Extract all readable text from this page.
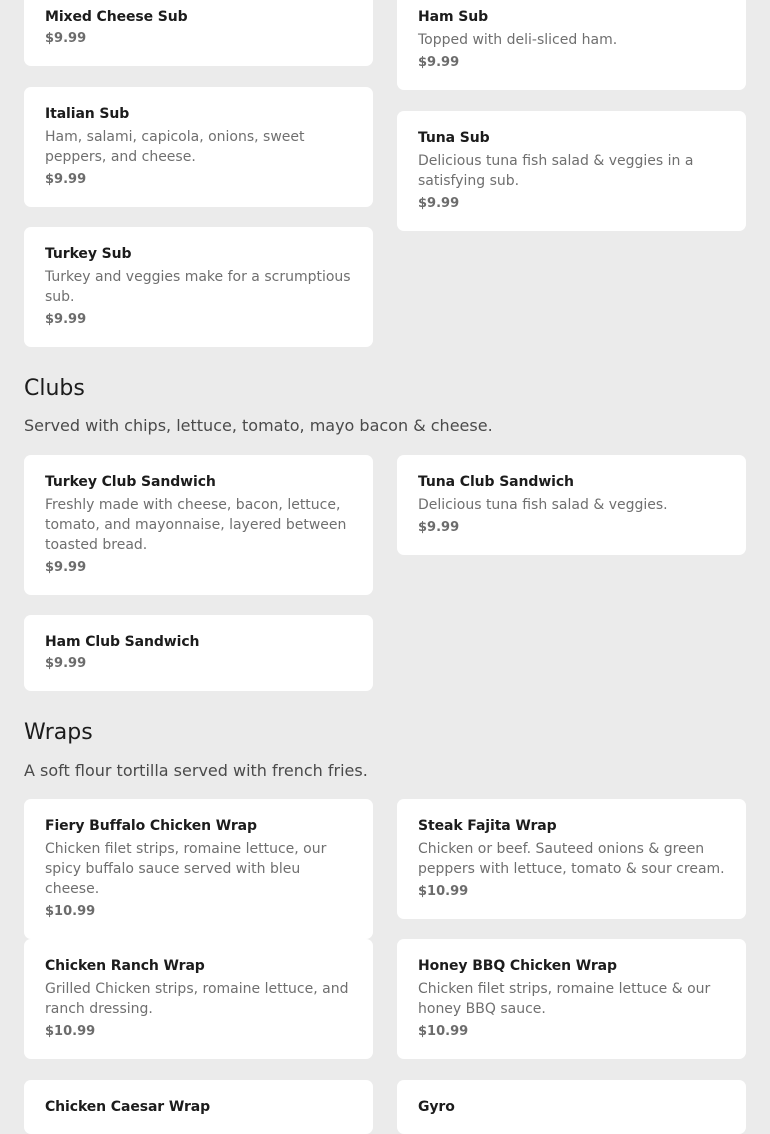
Mixed Cheese Sub
$9.99
Ham Sub
Topped with deli-sliced ham.
$9.99
Italian Sub
Ham, salami, capicola, onions, sweet peppers, and cheese.
$9.99
Tuna Sub
Delicious tuna fish salad & veggies in a satisfying sub.
$9.99
Turkey Sub
Turkey and veggies make for a scrumptious sub.
$9.99
Clubs

Served with chips, lettuce, tomato, mayo bacon & cheese.

Turkey Club Sandwich
Freshly made with cheese, bacon, lettuce, tomato, and mayonnaise, layered between toasted bread.
$9.99
Tuna Club Sandwich
Delicious tuna fish salad & veggies.
$9.99
Ham Club Sandwich
$9.99
Wraps

A soft flour tortilla served with french fries.

Fiery Buffalo Chicken Wrap
Chicken filet strips, romaine lettuce, our spicy buffalo sauce served with bleu cheese.
$10.99
Steak Fajita Wrap
Chicken or beef. Sauteed onions & green peppers with lettuce, tomato & sour cream.
$10.99
Chicken Ranch Wrap
Grilled Chicken strips, romaine lettuce, and ranch dressing.
$10.99
Honey BBQ Chicken Wrap
Chicken filet strips, romaine lettuce & our honey BBQ sauce.
$10.99
Chicken Caesar Wrap	Gyro
